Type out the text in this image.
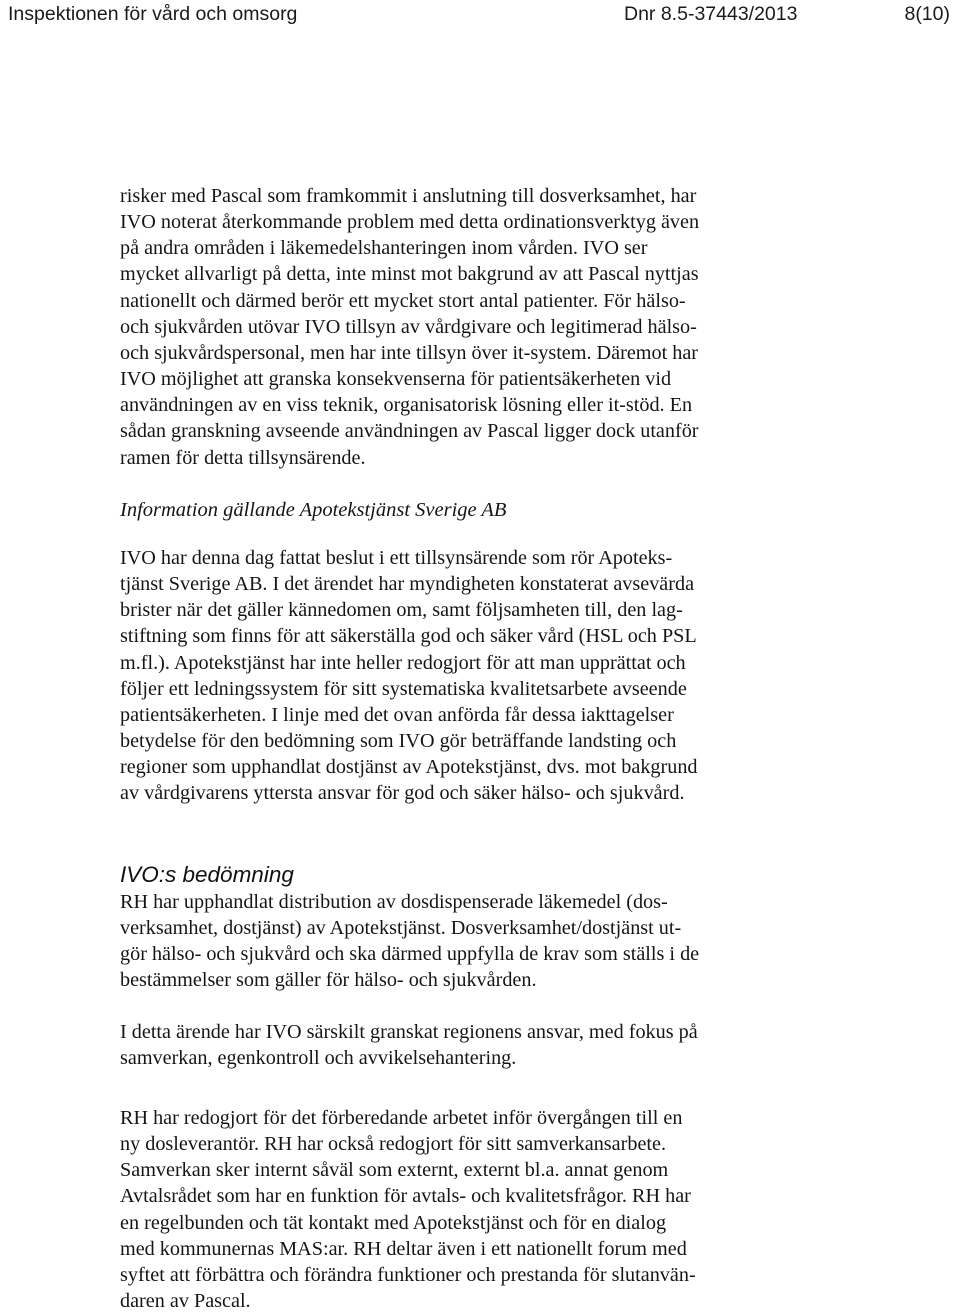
Inspektionen för vård och omsorg	Dnr 8.5-37443/2013	8(10)
risker med Pascal som framkommit i anslutning till dosverksamhet, har
IVO noterat återkommande problem med detta ordinationsverktyg även
på andra områden i läkemedelshanteringen inom vården. IVO ser
mycket allvarligt på detta, inte minst mot bakgrund av att Pascal nyttjas
nationellt och därmed berör ett mycket stort antal patienter. För hälso-
och sjukvården utövar IVO tillsyn av vårdgivare och legitimerad hälso-
och sjukvårdspersonal, men har inte tillsyn över it-system. Däremot har
IVO möjlighet att granska konsekvenserna för patientsäkerheten vid
användningen av en viss teknik, organisatorisk lösning eller it-stöd. En
sådan granskning avseende användningen av Pascal ligger dock utanför
ramen för detta tillsynsärende.

Information gällande Apotekstjänst Sverige AB

IVO har denna dag fattat beslut i ett tillsynsärende som rör Apoteks-
tjänst Sverige AB. I det ärendet har myndigheten konstaterat avsevärda
brister när det gäller kännedomen om, samt följsamheten till, den lag-
stiftning som finns för att säkerställa god och säker vård (HSL och PSL
m.fl.). Apotekstjänst har inte heller redogjort för att man upprättat och
följer ett ledningssystem för sitt systematiska kvalitetsarbete avseende
patientsäkerheten. I linje med det ovan anförda får dessa iakttagelser
betydelse för den bedömning som IVO gör beträffande landsting och
regioner som upphandlat dostjänst av Apotekstjänst, dvs. mot bakgrund
av vårdgivarens yttersta ansvar för god och säker hälso- och sjukvård.
IVO:s bedömning
RH har upphandlat distribution av dosdispenserade läkemedel (dos-
verksamhet, dostjänst) av Apotekstjänst. Dosverksamhet/dostjänst ut-
gör hälso- och sjukvård och ska därmed uppfylla de krav som ställs i de
bestämmelser som gäller för hälso- och sjukvården.
I detta ärende har IVO särskilt granskat regionens ansvar, med fokus på
samverkan, egenkontroll och avvikelsehantering.
RH har redogjort för det förberedande arbetet inför övergången till en
ny dosleverantör. RH har också redogjort för sitt samverkansarbete.
Samverkan sker internt såväl som externt, externt bl.a. annat genom
Avtalsrådet som har en funktion för avtals- och kvalitetsfrågor. RH har
en regelbunden och tät kontakt med Apotekstjänst och för en dialog
med kommunernas MAS:ar. RH deltar även i ett nationellt forum med
syftet att förbättra och förändra funktioner och prestanda för slutanvän-
daren av Pascal.
